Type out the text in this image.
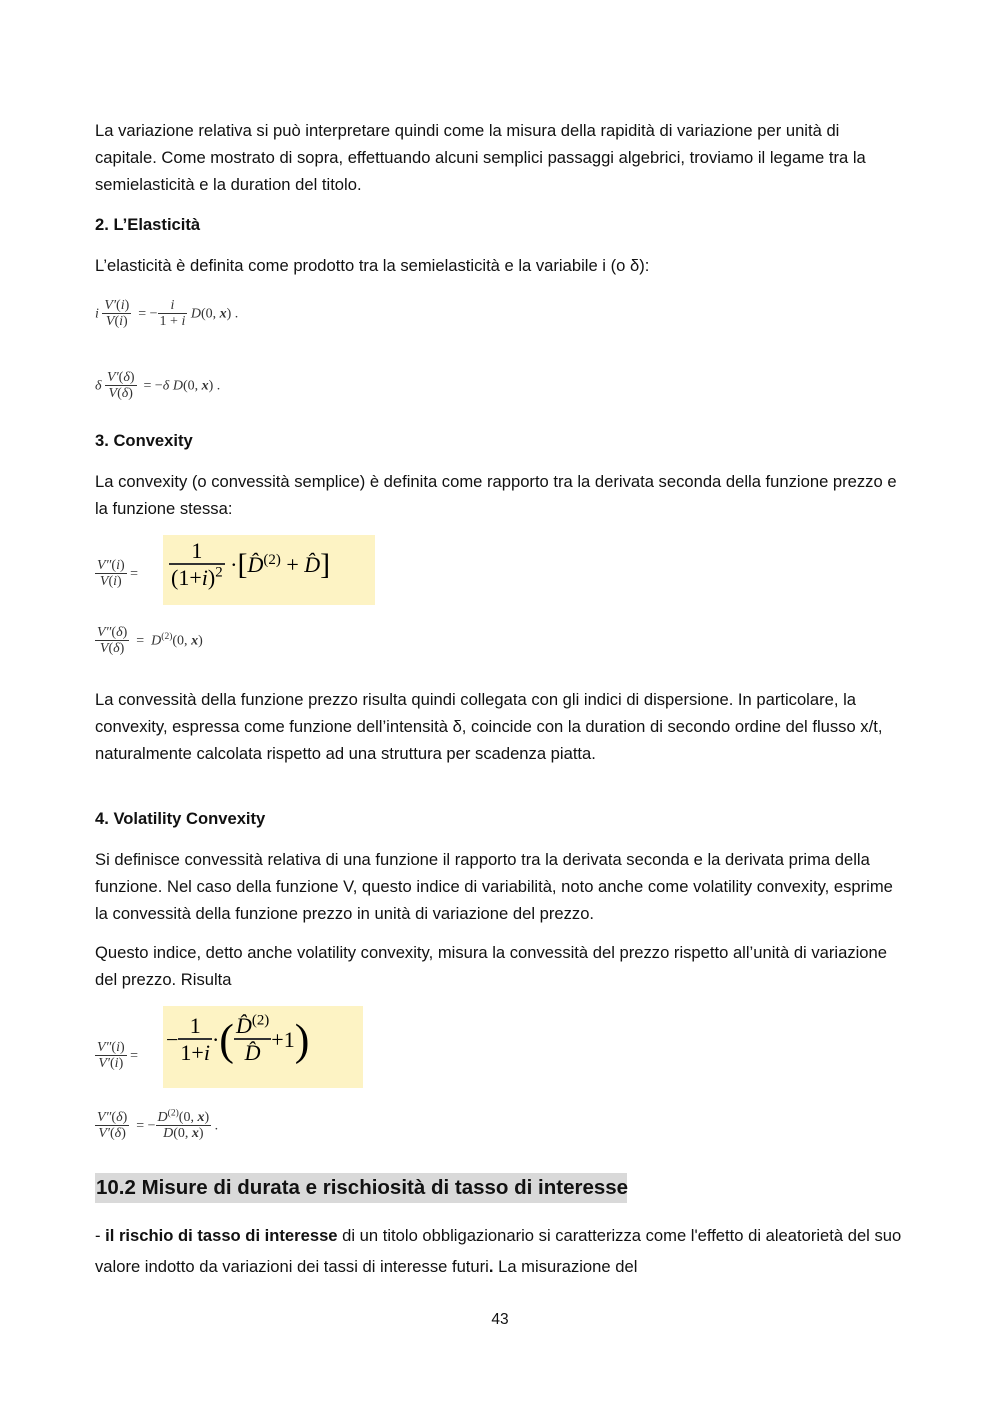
La variazione relativa si può interpretare quindi come la misura della rapidità di variazione per unità di capitale. Come mostrato di sopra, effettuando alcuni semplici passaggi algebrici, troviamo il legame tra la semielasticità e la duration del titolo.
2. L’Elasticità
L’elasticità è definita come prodotto tra la semielasticità e la variabile i (o δ):
i $\frac{V'(i)}{V(i)}$ = − $\frac{i}{1 + i} D(0$, x) .
δ $\frac{V'(\delta)}{V(\delta)} = -\delta$ D(0, x) .
3. Convexity
La convexity (o convessità semplice) è definita come rapporto tra la derivata seconda della funzione prezzo e la funzione stessa:
$\frac{V''(i)}{V(i)} = \frac{1}{(1+i)^2}$ ·[D̂$^{(2)}$ + D̂]
$\frac{V''(\delta)}{V(\delta)} = D^{(2)}(0$, x)
La convessità della funzione prezzo risulta quindi collegata con gli indici di dispersione. In particolare, la convexity, espressa come funzione dell’intensità δ, coincide con la duration di secondo ordine del flusso x/t, naturalmente calcolata rispetto ad una struttura per scadenza piatta.
4. Volatility Convexity
Si definisce convessità relativa di una funzione il rapporto tra la derivata seconda e la derivata prima della funzione. Nel caso della funzione V, questo indice di variabilità, noto anche come volatility convexity, esprime la convessità della funzione prezzo in unità di variazione del prezzo.
Questo indice, detto anche volatility convexity, misura la convessità del prezzo rispetto all’unità di variazione del prezzo. Risulta
$\frac{V''(i)}{V'(i)}$ =
− $\frac{1}{1+i}$ ·( $\frac{D̂^{(2)}}{D̂} +1$)
$\frac{V''(\delta)}{V'(\delta)}$ = − $\frac{D^{(2)}(0, x)}{D(0, x)}$ .
10.2 Misure di durata e rischiosità di tasso di interesse
- il rischio di tasso di interesse di un titolo obbligazionario si caratterizza come l'effetto di aleatorietà del suo valore indotto da variazioni dei tassi di interesse futuri. La misurazione del
43
